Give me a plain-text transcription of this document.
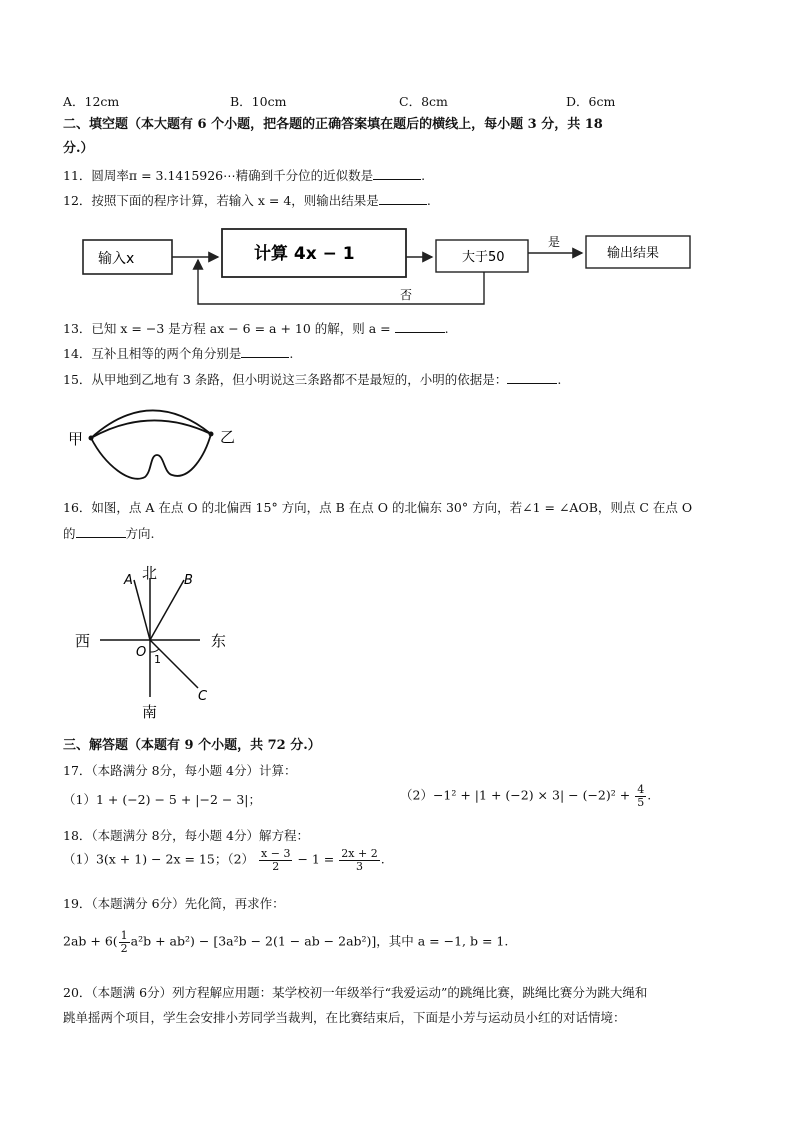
A．12cm	B．10cm	C．8cm	D．6cm
二、填空题（本大题有 6 个小题，把各题的正确答案填在题后的横线上，每小题 3 分，共 18
分.）
11．圆周率π = 3.1415926⋯精确到千分位的近似数是	.
12．按照下面的程序计算，若输入 x = 4，则输出结果是	.
输入x	计算 4x − 1	大于50
是
输出结果
否
13．已知 x = −3 是方程 ax − 6 = a + 10 的解，则 a =	.
14．互补且相等的两个角分别是	.
15．从甲地到乙地有 3 条路，但小明说这三条路都不是最短的，小明的依据是：	.
甲	乙
16．如图，点 A 在点 O 的北偏西 15° 方向，点 B 在点 O 的北偏东 30° 方向，若∠1 = ∠AOB，则点 C 在点 O
的	方向.
北
南
西	东
A	B
C
O 1
三、解答题（本题有 9 个小题，共 72 分.）
17．（本路满分 8分，每小题 4分）计算：
（1）1 + (−2) − 5 + |−2 − 3|；	$(2)-1^2 + |1 + (-2) \times 3| - (-2)^2 + \frac{4}{5}$ .
18．（本题满分 8分，每小题 4分）解方程：
（1）3(x + 1) − 2x = 15；$(2) \frac{x - 3}{2} - 1 = \frac{2x + 2}{3}$ .
19．（本题满分 6分）先化简，再求作：
$2ab + 6( \frac{1}{2} a^2b + ab^2) - [3a^2b - 2(1$ − ab − 2ab²)]，其中 a = −1, b = 1.
20．（本题满 6分）列方程解应用题：某学校初一年级举行“我爱运动”的跳绳比赛，跳绳比赛分为跳大绳和
跳单摇两个项目，学生会安排小芳同学当裁判，在比赛结束后，下面是小芳与运动员小红的对话情境：
